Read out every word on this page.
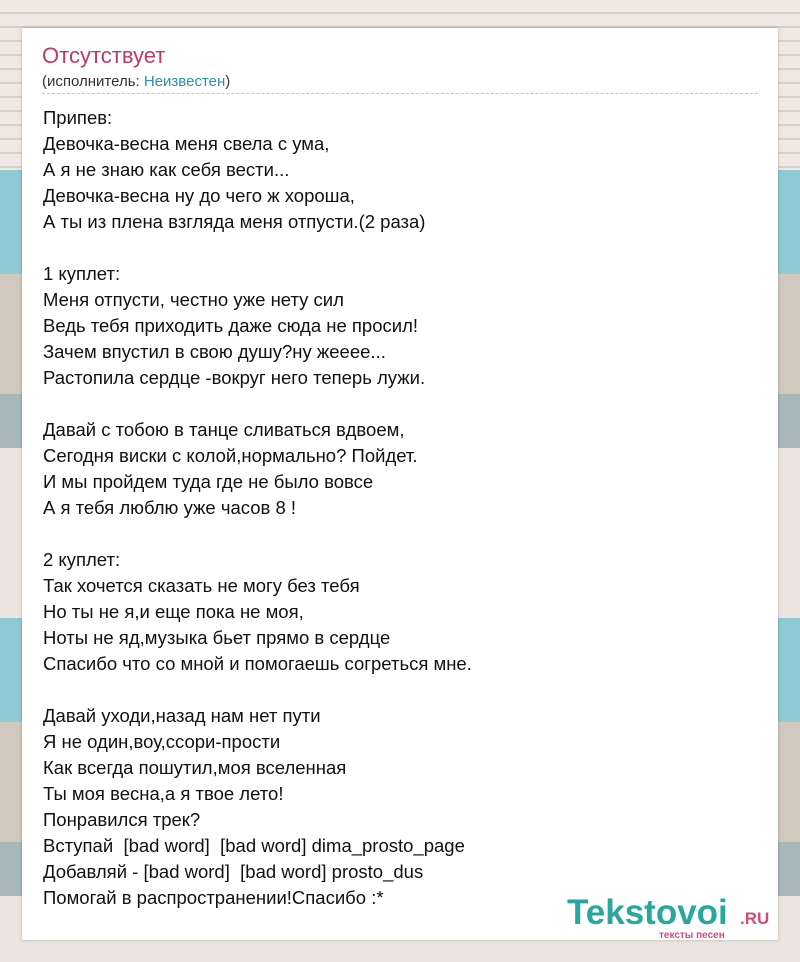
Отсутствует
(исполнитель: Неизвестен)
Припев:
Девочка-весна меня свела с ума,
А я не знаю как себя вести...
Девочка-весна ну до чего ж хороша,
А ты из плена взгляда меня отпусти.(2 раза)
1 куплет:
Меня отпусти, честно уже нету сил
Ведь тебя приходить даже сюда не просил!
Зачем впустил в свою душу?ну жееее...
Растопила сердце -вокруг него теперь лужи.
Давай с тобою в танце сливаться вдвоем,
Сегодня виски с колой,нормально? Пойдет.
И мы пройдем туда где не было вовсе
А я тебя люблю уже часов 8 !
2 куплет:
Так хочется сказать не могу без тебя
Но ты не я,и еще пока не моя,
Ноты не яд,музыка бьет прямо в сердце
Спасибо что со мной и помогаешь согреться мне.
Давай уходи,назад нам нет пути
Я не один,воу,ссори-прости
Как всегда пошутил,моя вселенная
Ты моя весна,а я твое лето!
Понравился трек?
Вступай  [bad word]  [bad word] dima_prosto_page
Добавляй - [bad word]  [bad word] prosto_dus
Помогай в распространении!Спасибо :*	Tekstovoi .RU
тексты песен
